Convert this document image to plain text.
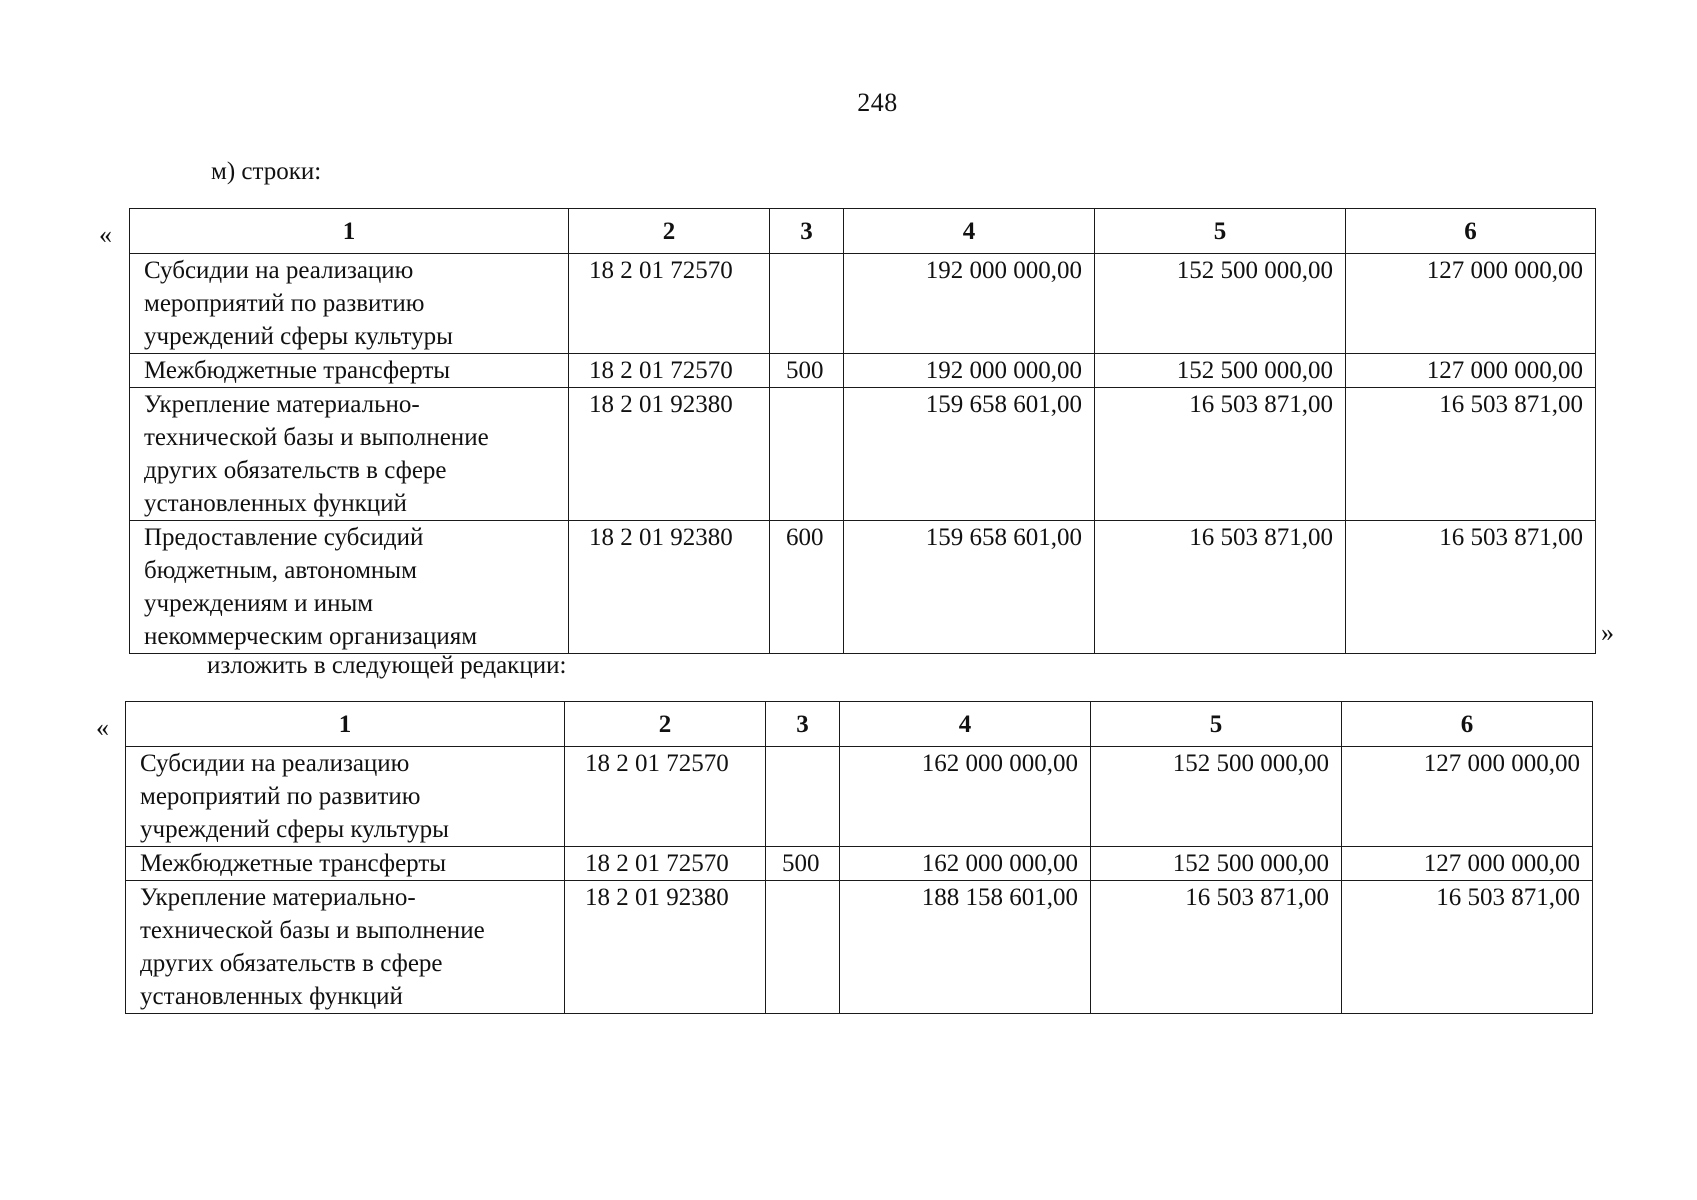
248
м) строки:
«	1	2	3	4	5	6

Субсидии на реализацию
мероприятий по развитию
учреждений сферы культуры	18 2 01 72570		192 000 000,00	152 500 000,00	127 000 000,00

Межбюджетные трансферты	18 2 01 72570	500	192 000 000,00	152 500 000,00	127 000 000,00

Укрепление материально-
технической базы и выполнение
других обязательств в сфере
установленных функций	18 2 01 92380		159 658 601,00	16 503 871,00	16 503 871,00

Предоставление субсидий
бюджетным, автономным
учреждениям и иным
некоммерческим организациям	18 2 01 92380	600	159 658 601,00	16 503 871,00	16 503 871,00
»
изложить в следующей редакции:
«	1	2	3	4	5	6

Субсидии на реализацию
мероприятий по развитию
учреждений сферы культуры	18 2 01 72570		162 000 000,00	152 500 000,00	127 000 000,00

Межбюджетные трансферты	18 2 01 72570	500	162 000 000,00	152 500 000,00	127 000 000,00

Укрепление материально-
технической базы и выполнение
других обязательств в сфере
установленных функций	18 2 01 92380		188 158 601,00	16 503 871,00	16 503 871,00
